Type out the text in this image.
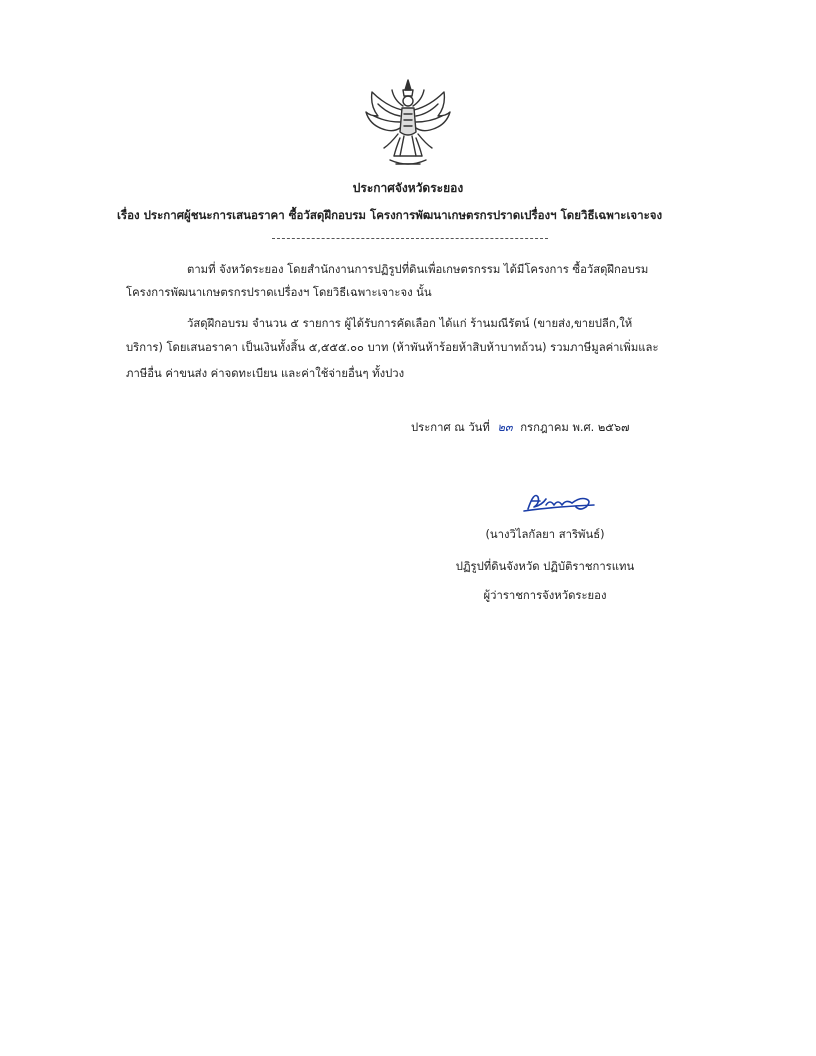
ประกาศจังหวัดระยอง
เรื่อง ประกาศผู้ชนะการเสนอราคา ซื้อวัสดุฝึกอบรม โครงการพัฒนาเกษตรกรปราดเปรื่องฯ โดยวิธีเฉพาะเจาะจง
ตามที่ จังหวัดระยอง โดยสำนักงานการปฏิรูปที่ดินเพื่อเกษตรกรรม ได้มีโครงการ ซื้อวัสดุฝึกอบรม
โครงการพัฒนาเกษตรกรปราดเปรื่องฯ โดยวิธีเฉพาะเจาะจง นั้น
วัสดุฝึกอบรม จำนวน ๕ รายการ ผู้ได้รับการคัดเลือก ได้แก่ ร้านมณีรัตน์ (ขายส่ง,ขายปลีก,ให้
บริการ) โดยเสนอราคา เป็นเงินทั้งสิ้น ๕,๕๕๕.๐๐ บาท (ห้าพันห้าร้อยห้าสิบห้าบาทถ้วน) รวมภาษีมูลค่าเพิ่มและ
ภาษีอื่น ค่าขนส่ง ค่าจดทะเบียน และค่าใช้จ่ายอื่นๆ ทั้งปวง
ประกาศ ณ วันที่ ๒๓ กรกฎาคม พ.ศ. ๒๕๖๗
(นางวิไลกัลยา สาริพันธ์)
ปฏิรูปที่ดินจังหวัด ปฏิบัติราชการแทน
ผู้ว่าราชการจังหวัดระยอง
